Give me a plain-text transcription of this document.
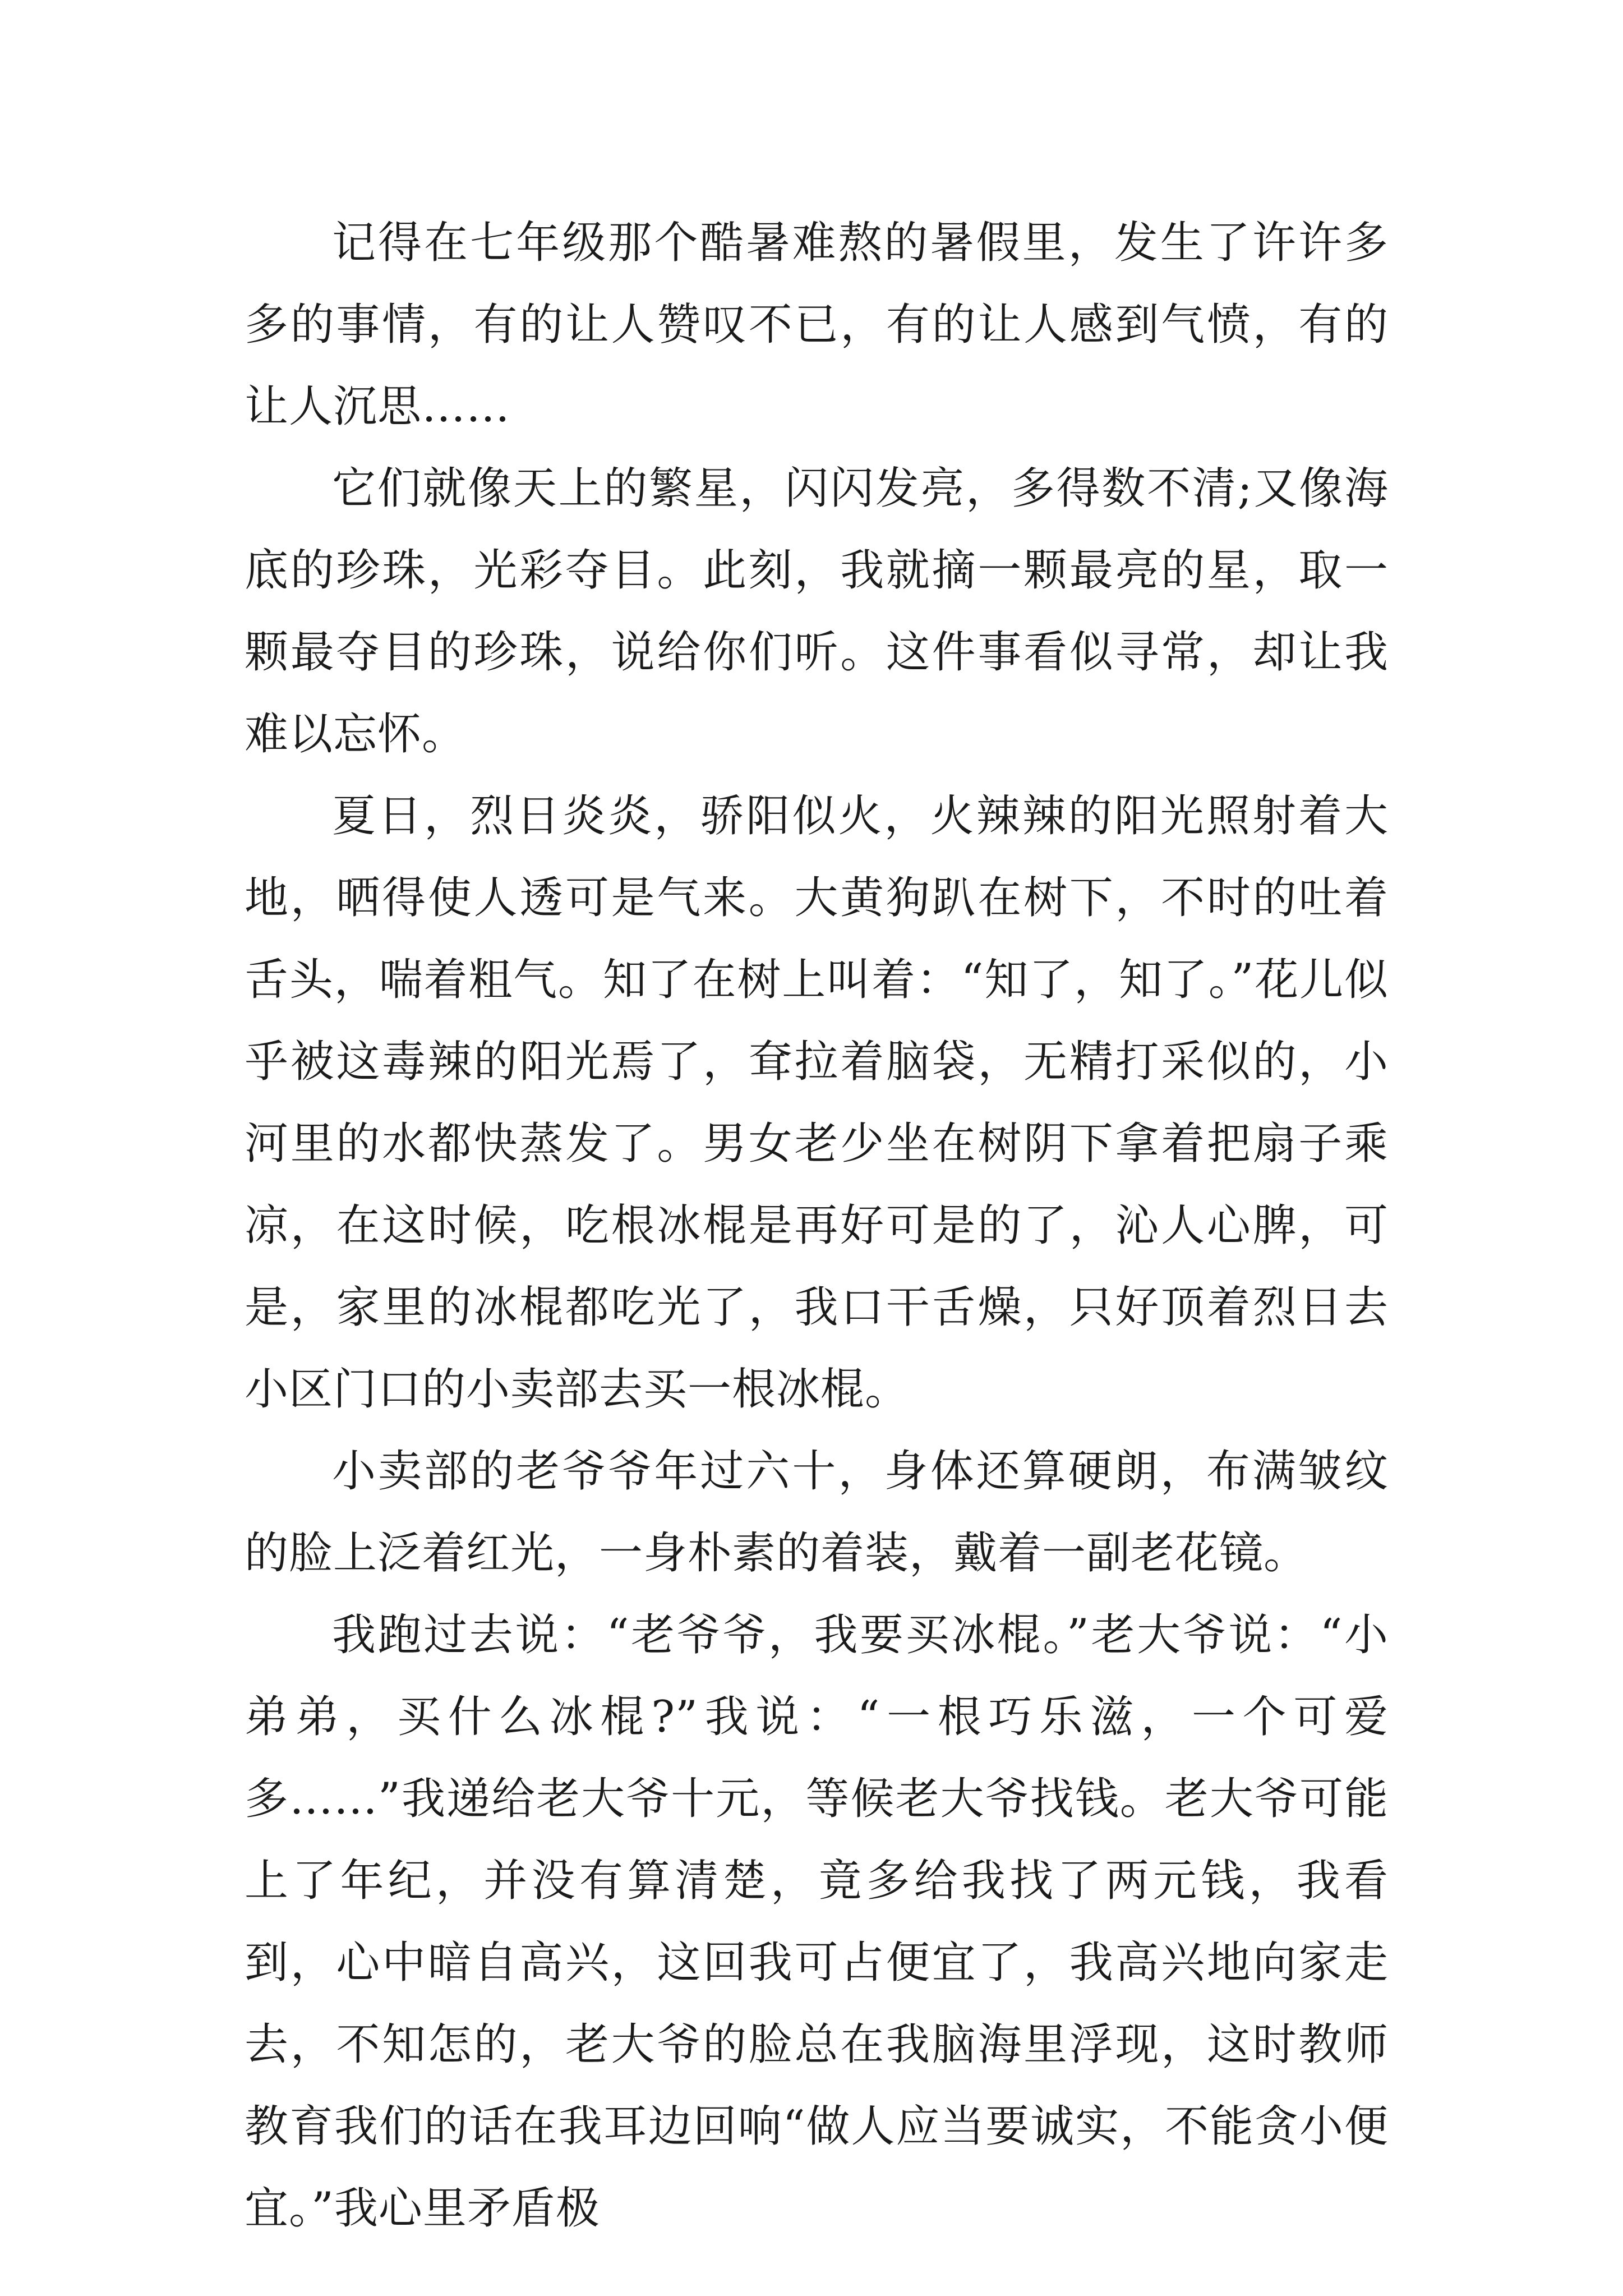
记得在七年级那个酷暑难熬的暑假里，发生了许许多多的事情，有的让人赞叹不已，有的让人感到气愤，有的让人沉思……

它们就像天上的繁星，闪闪发亮，多得数不清;又像海底的珍珠，光彩夺目。此刻，我就摘一颗最亮的星，取一颗最夺目的珍珠，说给你们听。这件事看似寻常，却让我难以忘怀。

夏日，烈日炎炎，骄阳似火，火辣辣的阳光照射着大地，晒得使人透可是气来。大黄狗趴在树下，不时的吐着舌头，喘着粗气。知了在树上叫着：“知了，知了。”花儿似乎被这毒辣的阳光焉了，耷拉着脑袋，无精打采似的，小河里的水都快蒸发了。男女老少坐在树阴下拿着把扇子乘凉，在这时候，吃根冰棍是再好可是的了，沁人心脾，可是，家里的冰棍都吃光了，我口干舌燥，只好顶着烈日去小区门口的小卖部去买一根冰棍。

小卖部的老爷爷年过六十，身体还算硬朗，布满皱纹的脸上泛着红光，一身朴素的着装，戴着一副老花镜。

我跑过去说：“老爷爷，我要买冰棍。”老大爷说：“小弟弟，买什么冰棍?”我说：“一根巧乐滋，一个可爱多……”我递给老大爷十元，等候老大爷找钱。老大爷可能上了年纪，并没有算清楚，竟多给我找了两元钱，我看到，心中暗自高兴，这回我可占便宜了，我高兴地向家走去，不知怎的，老大爷的脸总在我脑海里浮现，这时教师教育我们的话在我耳边回响“做人应当要诚实，不能贪小便宜。”我心里矛盾极
